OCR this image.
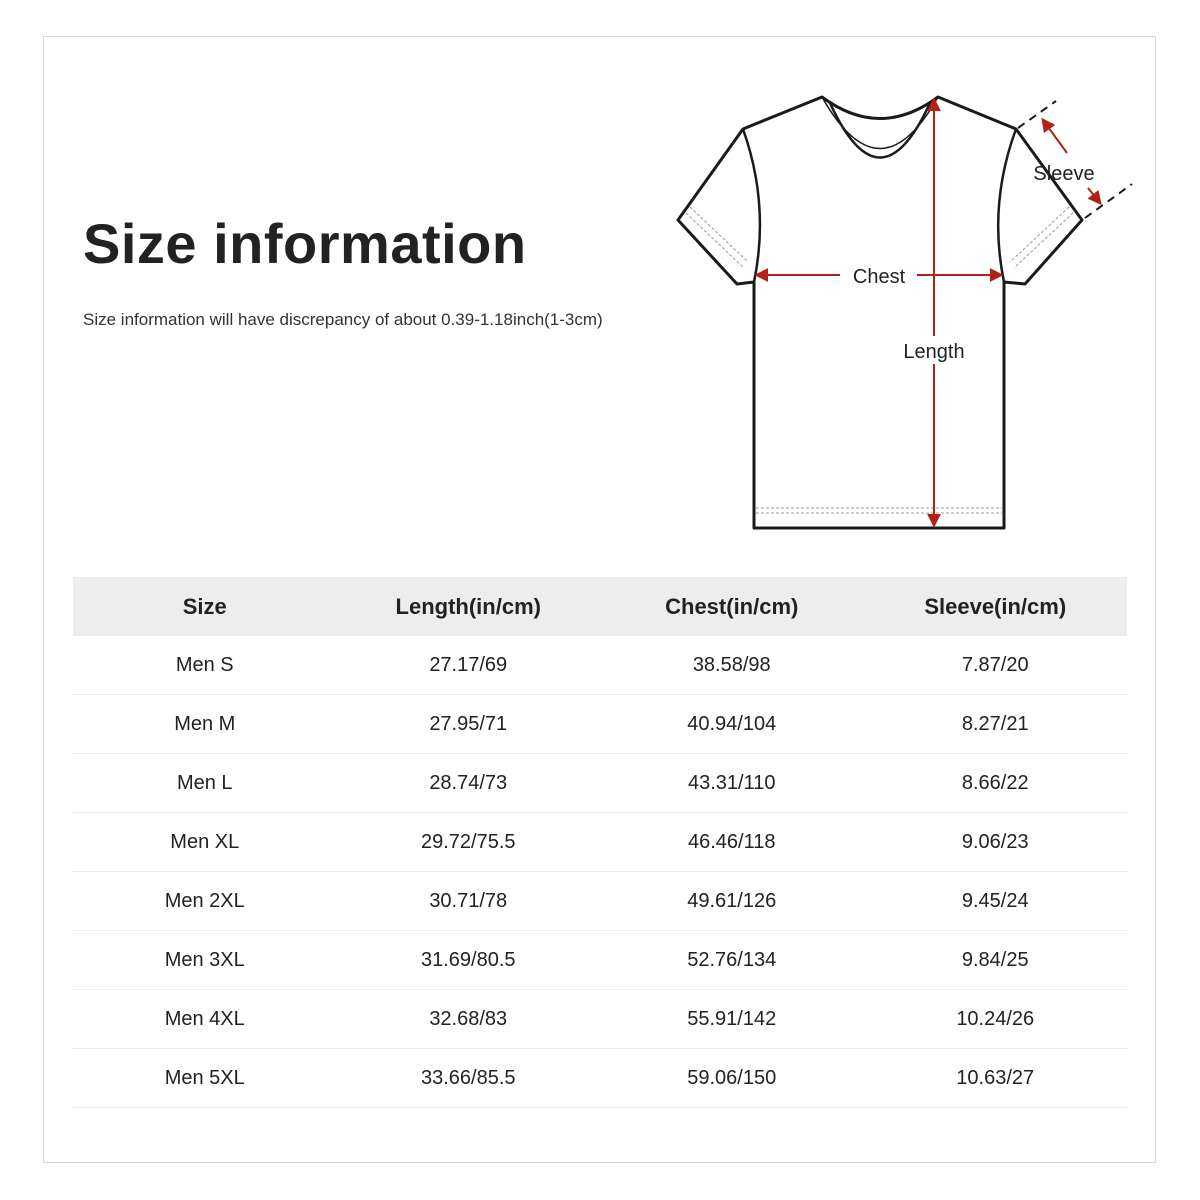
Size information

Size information will have discrepancy of about 0.39-1.18inch(1-3cm)

Length
Chest
Sleeve
Size	Length(in/cm)	Chest(in/cm)	Sleeve(in/cm)
Men S	27.17/69	38.58/98	7.87/20
Men M	27.95/71	40.94/104	8.27/21
Men L	28.74/73	43.31/110	8.66/22
Men XL	29.72/75.5	46.46/118	9.06/23
Men 2XL	30.71/78	49.61/126	9.45/24
Men 3XL	31.69/80.5	52.76/134	9.84/25
Men 4XL	32.68/83	55.91/142	10.24/26
Men 5XL	33.66/85.5	59.06/150	10.63/27
